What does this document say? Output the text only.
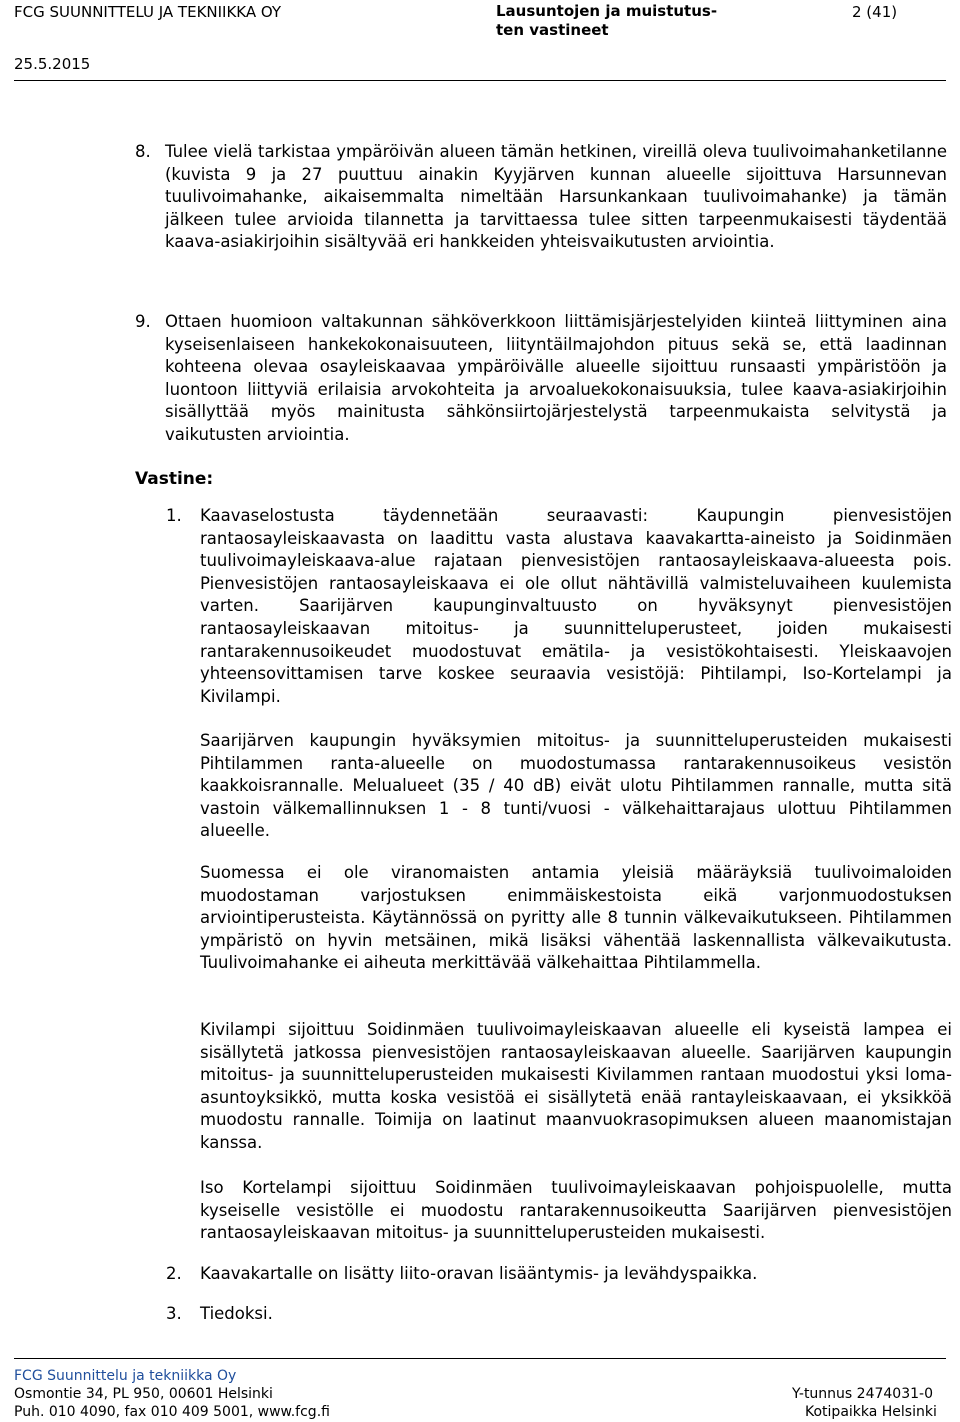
FCG SUUNNITTELU JA TEKNIIKKA OY	Lausuntojen ja muistutus-
ten vastineet
2 (41)
25.5.2015
8. Tulee vielä tarkistaa ympäröivän alueen tämän hetkinen, vireillä oleva tuulivoimahanketilanne (kuvista 9 ja 27 puuttuu ainakin Kyyjärven kunnan alueelle sijoittuva Harsunnevan tuulivoimahanke, aikaisemmalta nimeltään Harsunkankaan tuulivoimahanke) ja tämän jälkeen tulee arvioida tilannetta ja tarvittaessa tulee sitten tarpeenmukaisesti täydentää kaava-asiakirjoihin sisältyvää eri hankkeiden yhteisvaikutusten arviointia.

9. Ottaen huomioon valtakunnan sähköverkkoon liittämisjärjestelyiden kiinteä liittyminen aina kyseisenlaiseen hankekokonaisuuteen, liityntäilmajohdon pituus sekä se, että laadinnan kohteena olevaa osayleiskaavaa ympäröivälle alueelle sijoittuu runsaasti ympäristöön ja luontoon liittyviä erilaisia arvokohteita ja arvoaluekokonaisuuksia, tulee kaava-asiakirjoihin sisällyttää myös mainitusta sähkönsiirtojärjestelystä tarpeenmukaista selvitystä ja vaikutusten arviointia.

Vastine:
1. Kaavaselostusta täydennetään seuraavasti: Kaupungin pienvesistöjen rantaosayleiskaavasta on laadittu vasta alustava kaavakartta-aineisto ja Soidinmäen tuulivoimayleiskaava-alue rajataan pienvesistöjen rantaosayleiskaava-alueesta pois. Pienvesistöjen rantaosayleiskaava ei ole ollut nähtävillä valmisteluvaiheen kuulemista varten. Saarijärven kaupunginvaltuusto on hyväksynyt pienvesistöjen rantaosayleiskaavan mitoitus- ja suunnitteluperusteet, joiden mukaisesti rantarakennusoikeudet muodostuvat emätila- ja vesistökohtaisesti. Yleiskaavojen yhteensovittamisen tarve koskee seuraavia vesistöjä: Pihtilampi, Iso-Kortelampi ja Kivilampi.

Saarijärven kaupungin hyväksymien mitoitus- ja suunnitteluperusteiden mukaisesti Pihtilammen ranta-alueelle on muodostumassa rantarakennusoikeus vesistön kaakkoisrannalle. Melualueet (35 / 40 dB) eivät ulotu Pihtilammen rannalle, mutta sitä vastoin välkemallinnuksen 1 - 8 tunti/vuosi - välkehaittarajaus ulottuu Pihtilammen alueelle.

Suomessa ei ole viranomaisten antamia yleisiä määräyksiä tuulivoimaloiden muodostaman varjostuksen enimmäiskestoista eikä varjonmuodostuksen arviointiperusteista. Käytännössä on pyritty alle 8 tunnin välkevaikutukseen. Pihtilammen ympäristö on hyvin metsäinen, mikä lisäksi vähentää laskennallista välkevaikutusta. Tuulivoimahanke ei aiheuta merkittävää välkehaittaa Pihtilammella.

Kivilampi sijoittuu Soidinmäen tuulivoimayleiskaavan alueelle eli kyseistä lampea ei sisällytetä jatkossa pienvesistöjen rantaosayleiskaavan alueelle. Saarijärven kaupungin mitoitus- ja suunnitteluperusteiden mukaisesti Kivilammen rantaan muodostui yksi loma-asuntoyksikkö, mutta koska vesistöä ei sisällytetä enää rantayleiskaavaan, ei yksikköä muodostu rannalle. Toimija on laatinut maanvuokrasopimuksen alueen maanomistajan kanssa.

Iso Kortelampi sijoittuu Soidinmäen tuulivoimayleiskaavan pohjoispuolelle, mutta kyseiselle vesistölle ei muodostu rantarakennusoikeutta Saarijärven pienvesistöjen rantaosayleiskaavan mitoitus- ja suunnitteluperusteiden mukaisesti.

2. Kaavakartalle on lisätty liito-oravan lisääntymis- ja levähdyspaikka.

3. Tiedoksi.

FCG Suunnittelu ja tekniikka Oy
Osmontie 34, PL 950, 00601 Helsinki
Puh. 010 4090, fax 010 409 5001, www.fcg.fi
Y-tunnus 2474031-0
Kotipaikka Helsinki
